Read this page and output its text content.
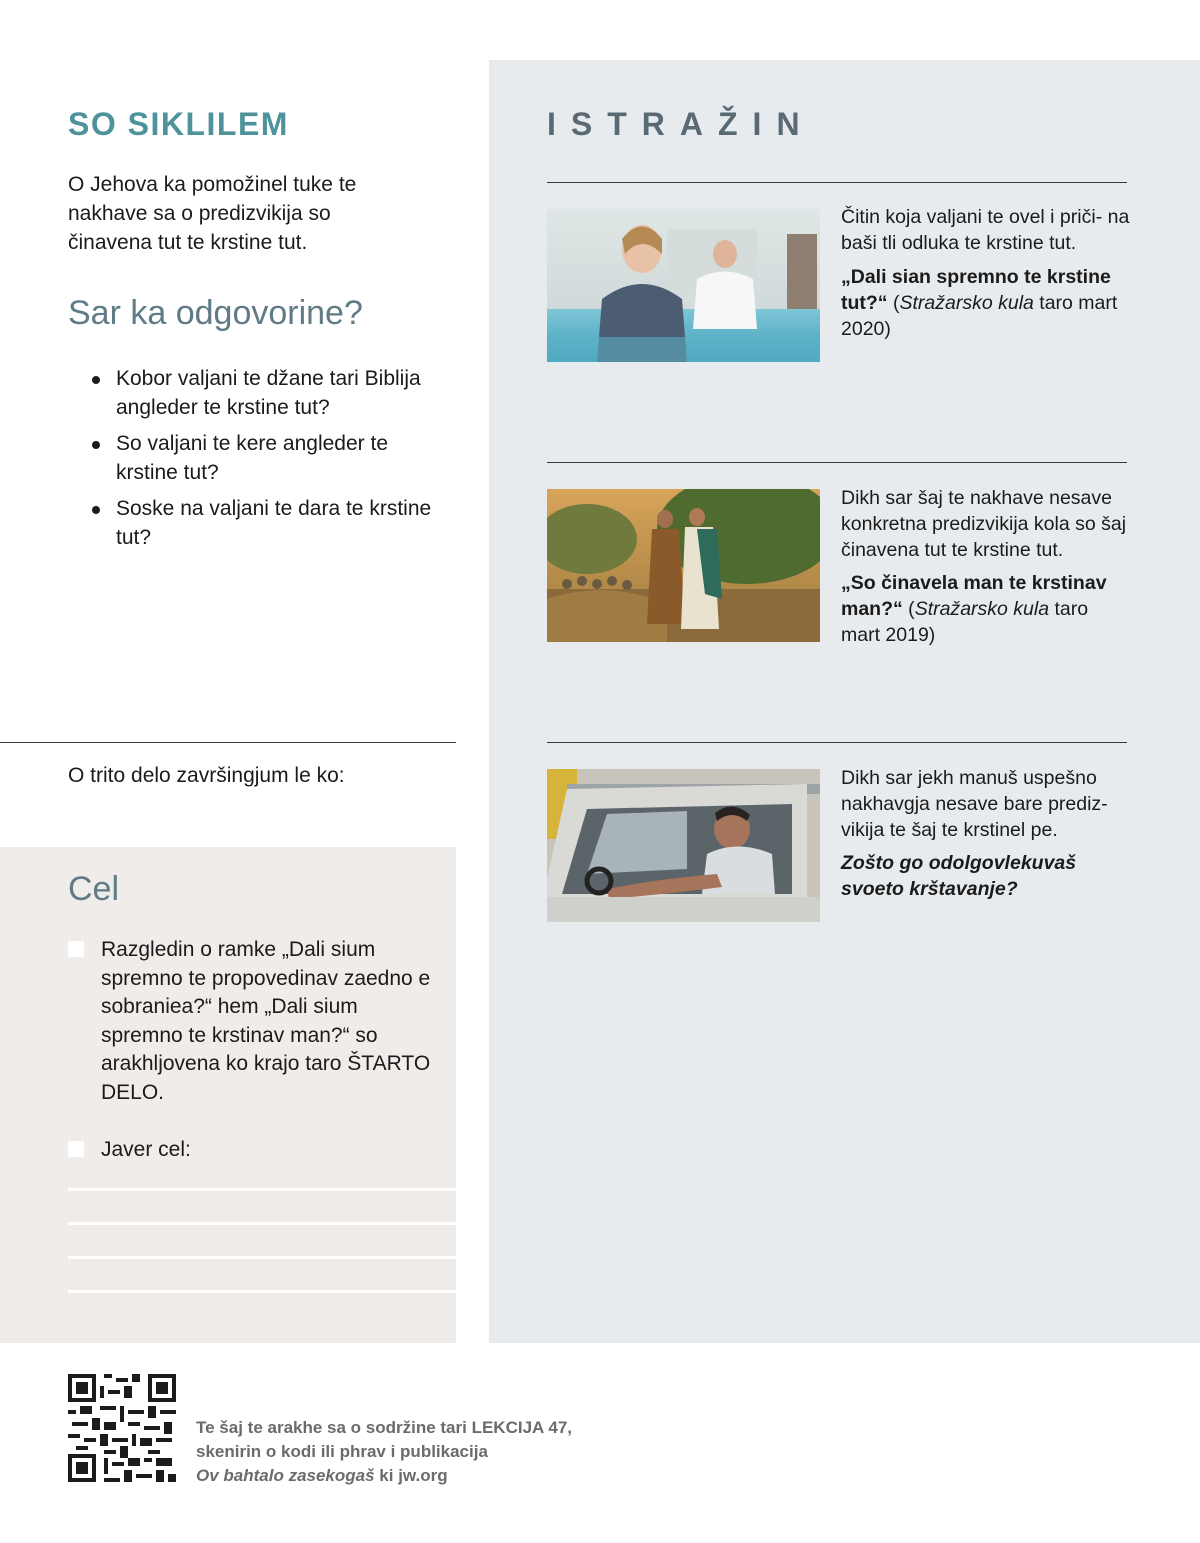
SO SIKLILEM
O Jehova ka pomožinel tuke te nakhave sa o predizvikija so činavena tut te krstine tut.
Sar ka odgovorine?
Kobor valjani te džane tari Biblija angleder te krstine tut?
So valjani te kere angleder te krstine tut?
Soske na valjani te dara te krstine tut?
O trito delo završingjum le ko:
Cel
Razgledin o ramke „Dali sium spremno te propovedinav zaedno e sobraniea?“ hem „Dali sium spremno te krstinav man?“ so arakhljovena ko krajo taro ŠTARTO DELO.
Javer cel:
ISTRAŽIN
Čitin koja valjani te ovel i priči- na baši tli odluka te krstine tut.
„Dali sian spremno te krstine tut?“ (Stražarsko kula taro mart 2020)
Dikh sar šaj te nakhave nesave konkretna predizvikija kola so šaj činavena tut te krstine tut.
„So činavela man te krstinav man?“ (Stražarsko kula taro mart 2019)
Dikh sar jekh manuš uspešno nakhavgja nesave bare prediz- vikija te šaj te krstinel pe.
Zošto go odolgovlekuvaš svoeto krštavanje?
Te šaj te arakhe sa o sodržine tari LEKCIJA 47,
skenirin o kodi ili phrav i publikacija
Ov bahtalo zasekogaš ki jw.org
